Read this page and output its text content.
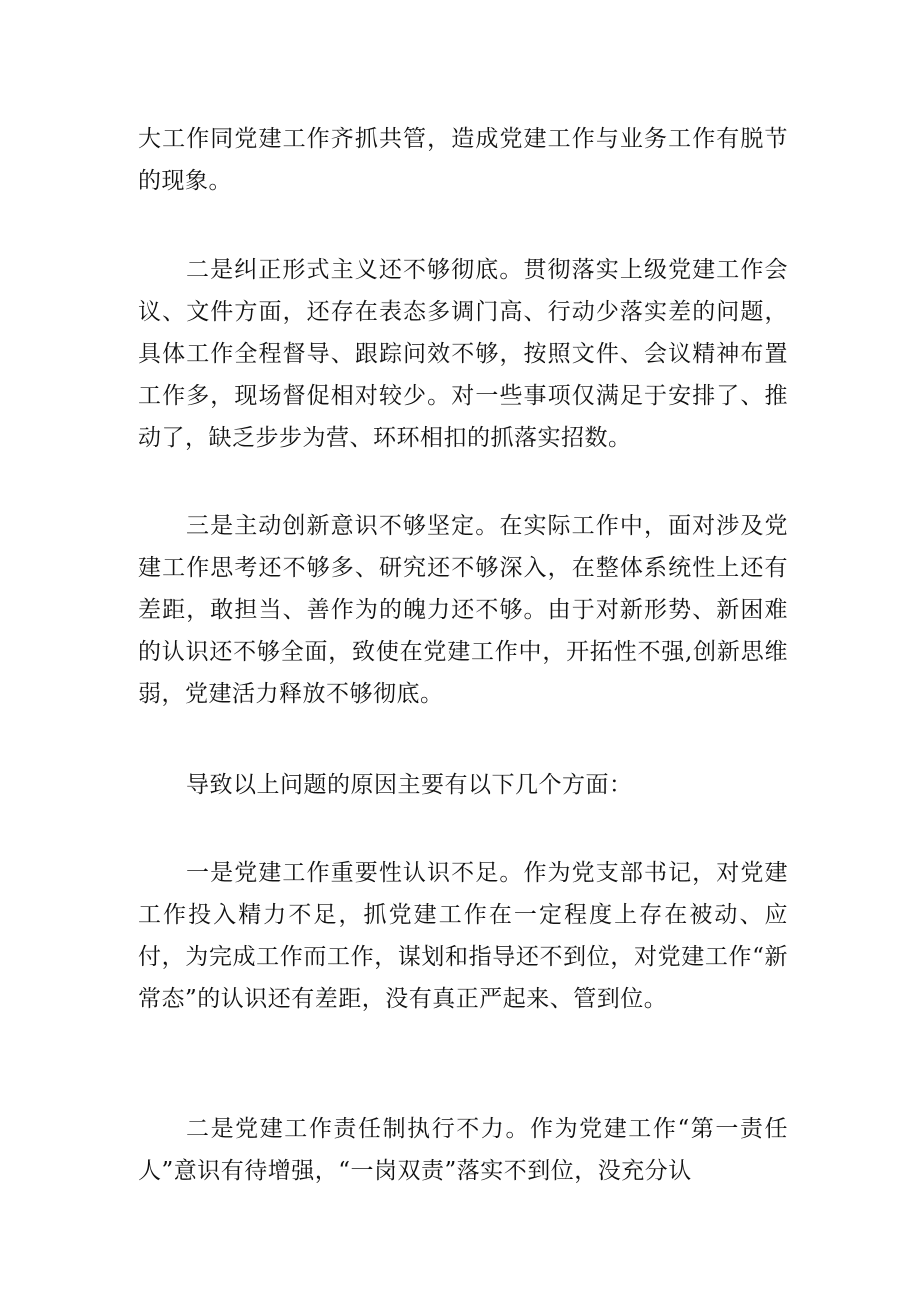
大工作同党建工作齐抓共管，造成党建工作与业务工作有脱节的现象。

二是纠正形式主义还不够彻底。贯彻落实上级党建工作会议、文件方面，还存在表态多调门高、行动少落实差的问题，具体工作全程督导、跟踪问效不够，按照文件、会议精神布置工作多，现场督促相对较少。对一些事项仅满足于安排了、推动了，缺乏步步为营、环环相扣的抓落实招数。

三是主动创新意识不够坚定。在实际工作中，面对涉及党建工作思考还不够多、研究还不够深入，在整体系统性上还有差距，敢担当、善作为的魄力还不够。由于对新形势、新困难的认识还不够全面，致使在党建工作中，开拓性不强,创新思维弱，党建活力释放不够彻底。

导致以上问题的原因主要有以下几个方面：

一是党建工作重要性认识不足。作为党支部书记，对党建工作投入精力不足，抓党建工作在一定程度上存在被动、应付，为完成工作而工作，谋划和指导还不到位，对党建工作“新常态”的认识还有差距，没有真正严起来、管到位。

二是党建工作责任制执行不力。作为党建工作“第一责任人”意识有待增强，“一岗双责”落实不到位，没充分认
